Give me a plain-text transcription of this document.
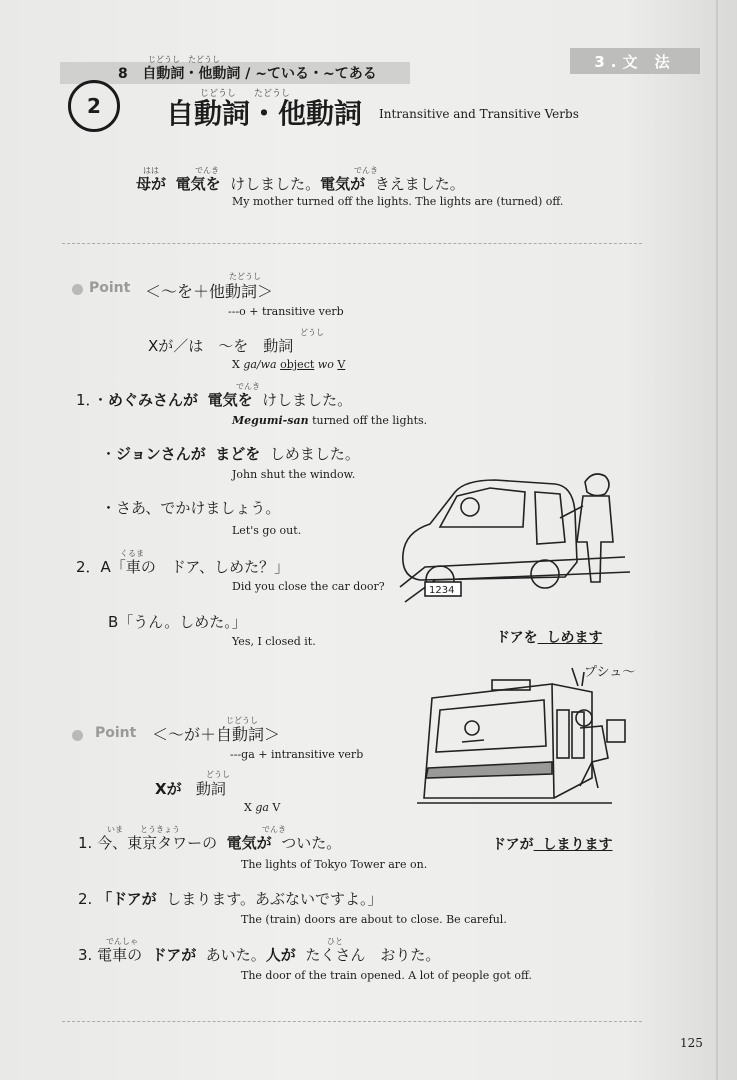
3.文 法
じどうし　たどうし
8 自動詞・他動詞 / ~ている・~てある
2	じどうし　　たどうし
自動詞・他動詞 Intransitive and Transitive Verbs
はは	でんき	でんき
母が 電気を けしました。電気が きえました。
My mother turned off the lights. The lights are (turned) off.
Point
たどうし
＜～を＋他動詞＞
---o + transitive verb
どうし
Xが／は　～を　動詞
X ga/wa object wo V
でんき
1．・めぐみさんが 電気を けしました。
Megumi-san turned off the lights.
・ジョンさんが まどを しめました。
John shut the window.
・さあ、でかけましょう。
Let's go out.
くるま
2．A「車の　ドア、しめた？」
Did you close the car door?
B「うん。しめた。」
Yes, I closed it.	ドアを しめます
1234
Point
じどうし
＜～が＋自動詞＞
---ga + intransitive verb
どうし
Xが 動詞
X ga V
プシュ～
ドアが しまります
いま とうきょう	でんき
1. 今、東京タワーの 電気が ついた。
The lights of Tokyo Tower are on.
2. 「ドアが しまります。あぶないですよ。」
The (train) doors are about to close. Be careful.
でんしゃ	ひと
3. 電車の ドアが あいた。人が たくさん　おりた。
The door of the train opened. A lot of people got off.
125
